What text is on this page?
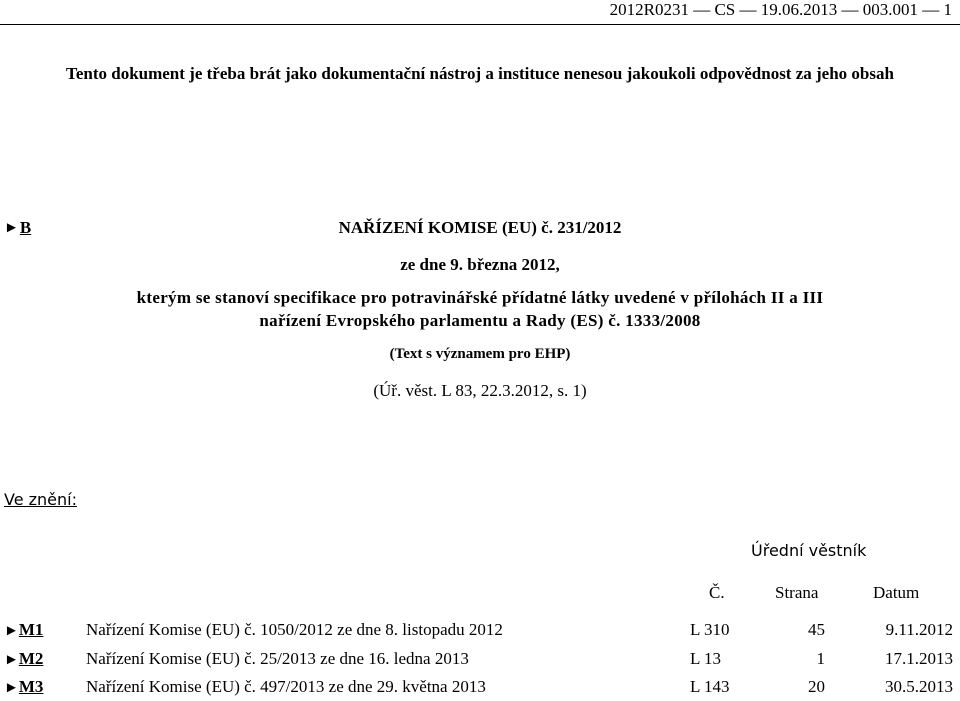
2012R0231 — CS — 19.06.2013 — 003.001 — 1
Tento dokument je třeba brát jako dokumentační nástroj a instituce nenesou jakoukoli odpovědnost za jeho obsah
► B	NAŘÍZENÍ KOMISE (EU) č. 231/2012
ze dne 9. března 2012,
kterým se stanoví specifikace pro potravinářské přídatné látky uvedené v přílohách II a III
nařízení Evropského parlamentu a Rady (ES) č. 1333/2008
(Text s významem pro EHP)
(Úř. věst. L 83, 22.3.2012, s. 1)
Ve znění:
Úřední věstník
Č.	Strana	Datum
►M1	Nařízení Komise (EU) č. 1050/2012 ze dne 8. listopadu 2012	L 310	45	9.11.2012
►M2	Nařízení Komise (EU) č. 25/2013 ze dne 16. ledna 2013	L 13	1	17.1.2013
►M3	Nařízení Komise (EU) č. 497/2013 ze dne 29. května 2013	L 143	20	30.5.2013
